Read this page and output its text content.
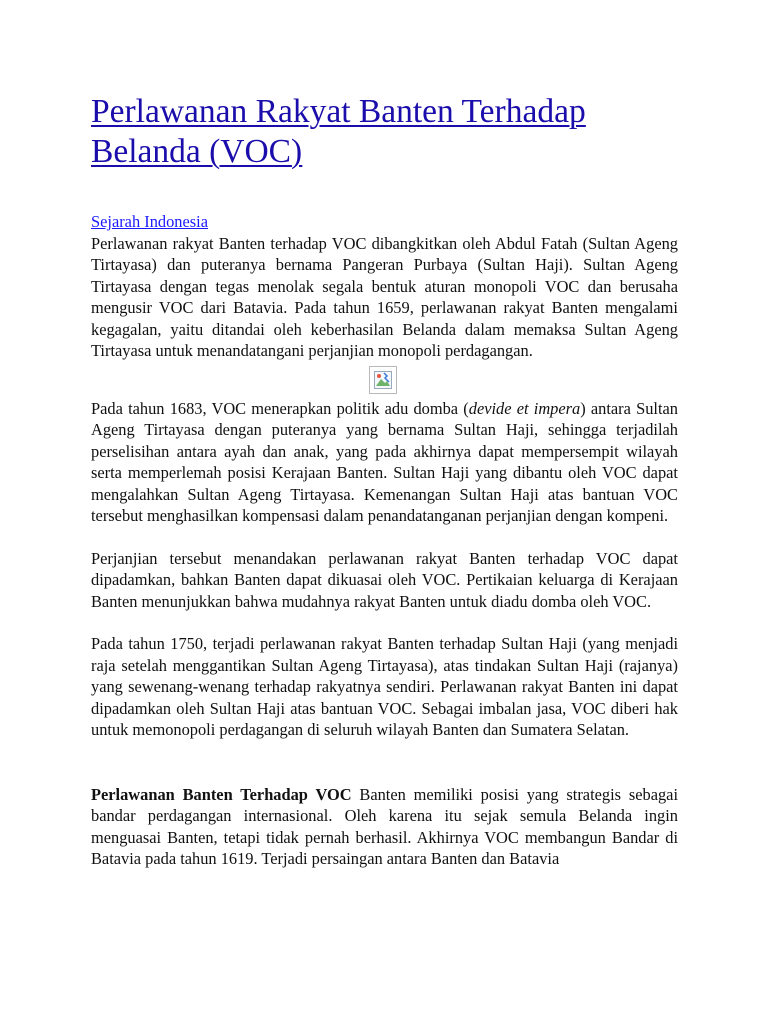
Perlawanan Rakyat Banten Terhadap Belanda (VOC)
Sejarah Indonesia

Perlawanan rakyat Banten terhadap VOC dibangkitkan oleh Abdul Fatah (Sultan Ageng Tirtayasa) dan puteranya bernama Pangeran Purbaya (Sultan Haji). Sultan Ageng Tirtayasa dengan tegas menolak segala bentuk aturan monopoli VOC dan berusaha mengusir VOC dari Batavia. Pada tahun 1659, perlawanan rakyat Banten mengalami kegagalan, yaitu ditandai oleh keberhasilan Belanda dalam memaksa Sultan Ageng Tirtayasa untuk menandatangani perjanjian monopoli perdagangan.

Pada tahun 1683, VOC menerapkan politik adu domba (devide et impera) antara Sultan Ageng Tirtayasa dengan puteranya yang bernama Sultan Haji, sehingga terjadilah perselisihan antara ayah dan anak, yang pada akhirnya dapat mempersempit wilayah serta memperlemah posisi Kerajaan Banten. Sultan Haji yang dibantu oleh VOC dapat mengalahkan Sultan Ageng Tirtayasa. Kemenangan Sultan Haji atas bantuan VOC tersebut menghasilkan kompensasi dalam penandatanganan perjanjian dengan kompeni.

Perjanjian tersebut menandakan perlawanan rakyat Banten terhadap VOC dapat dipadamkan, bahkan Banten dapat dikuasai oleh VOC. Pertikaian keluarga di Kerajaan Banten menunjukkan bahwa mudahnya rakyat Banten untuk diadu domba oleh VOC.

Pada tahun 1750, terjadi perlawanan rakyat Banten terhadap Sultan Haji (yang menjadi raja setelah menggantikan Sultan Ageng Tirtayasa), atas tindakan Sultan Haji (rajanya) yang sewenang-wenang terhadap rakyatnya sendiri. Perlawanan rakyat Banten ini dapat dipadamkan oleh Sultan Haji atas bantuan VOC. Sebagai imbalan jasa, VOC diberi hak untuk memonopoli perdagangan di seluruh wilayah Banten dan Sumatera Selatan.

Perlawanan Banten Terhadap VOC Banten memiliki posisi yang strategis sebagai bandar perdagangan internasional. Oleh karena itu sejak semula Belanda ingin menguasai Banten, tetapi tidak pernah berhasil. Akhirnya VOC membangun Bandar di Batavia pada tahun 1619. Terjadi persaingan antara Banten dan Batavia
